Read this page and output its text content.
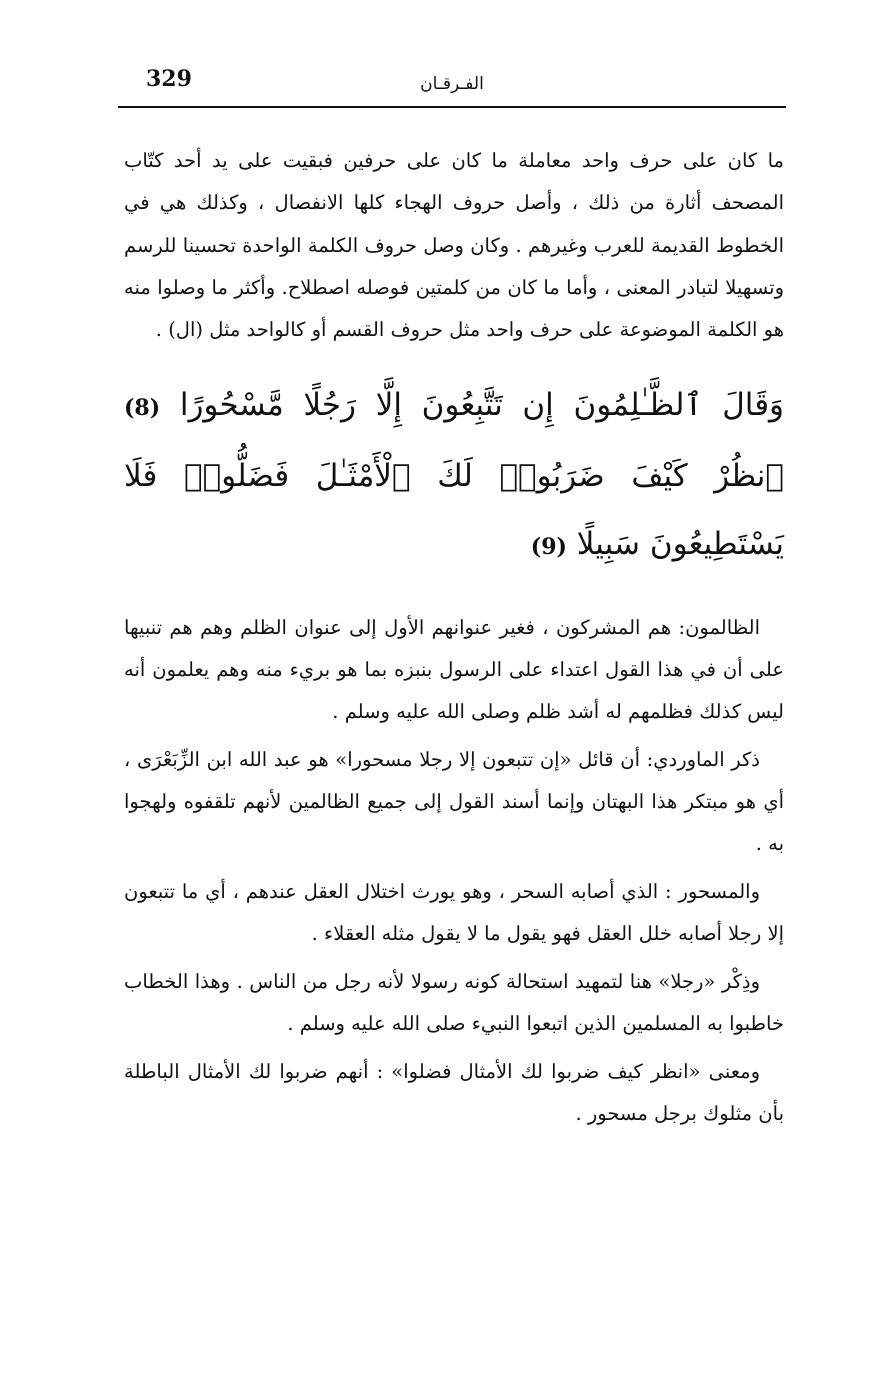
329	الفـرقـان

ما كان على حرف واحد معاملة ما كان على حرفين فبقيت على يد أحد كتّاب المصحف أثارة من ذلك ، وأصل حروف الهجاء كلها الانفصال ، وكذلك هي في الخطوط القديمة للعرب وغيرهم . وكان وصل حروف الكلمة الواحدة تحسينا للرسم وتسهيلا لتبادر المعنى ، وأما ما كان من كلمتين فوصله اصطلاح. وأكثر ما وصلوا منه هو الكلمة الموضوعة على حرف واحد مثل حروف القسم أو كالواحد مثل (ال) .

وَقَالَ ٱلظَّـٰلِمُونَ إِن تَتَّبِعُونَ إِلَّا رَجُلًا مَّسْحُورًا (8) ٱنظُرْ كَيْفَ ضَرَبُوا۟ لَكَ ٱلْأَمْثَـٰلَ فَضَلُّوا۟ فَلَا يَسْتَطِيعُونَ سَبِيلًا (9)

الظالمون: هم المشركون ، فغير عنوانهم الأول إلى عنوان الظلم وهم هم تنبيها على أن في هذا القول اعتداء على الرسول بنبزه بما هو بريء منه وهم يعلمون أنه ليس كذلك فظلمهم له أشد ظلم وصلى الله عليه وسلم .

ذكر الماوردي: أن قائل «إن تتبعون إلا رجلا مسحورا» هو عبد الله ابن الزِّبَعْرَى ، أي هو مبتكر هذا البهتان وإنما أسند القول إلى جميع الظالمين لأنهم تلقفوه ولهجوا به .

والمسحور : الذي أصابه السحر ، وهو يورث اختلال العقل عندهم ، أي ما تتبعون إلا رجلا أصابه خلل العقل فهو يقول ما لا يقول مثله العقلاء .

وذِكْر «رجلا» هنا لتمهيد استحالة كونه رسولا لأنه رجل من الناس . وهذا الخطاب خاطبوا به المسلمين الذين اتبعوا النبيء صلى الله عليه وسلم .

ومعنى «انظر كيف ضربوا لك الأمثال فضلوا» : أنهم ضربوا لك الأمثال الباطلة بأن مثلوك برجل مسحور .
